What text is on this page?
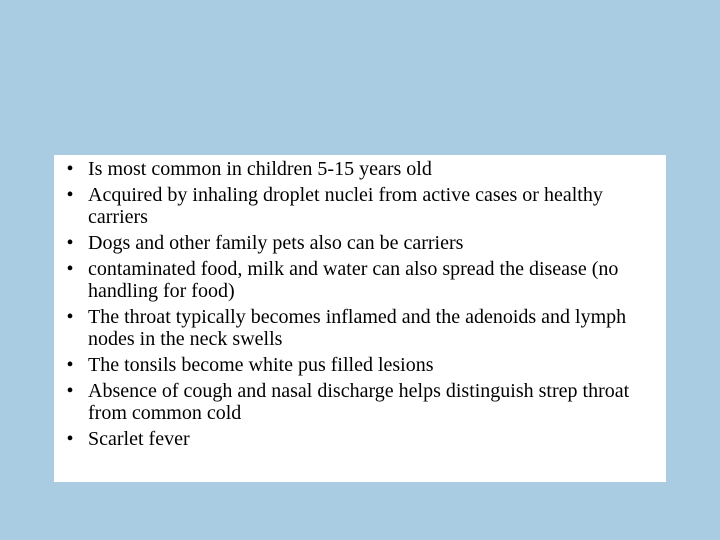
• Is most common in children 5-15 years old
• Acquired by inhaling droplet nuclei from active cases or healthy carriers
• Dogs and other family pets also can be carriers
• contaminated food, milk and water can also spread the disease (no handling for food)
• The throat typically becomes inflamed and the adenoids and lymph nodes in the neck swells
• The tonsils become white pus filled lesions
• Absence of cough and nasal discharge helps distinguish strep throat from common cold
• Scarlet fever
